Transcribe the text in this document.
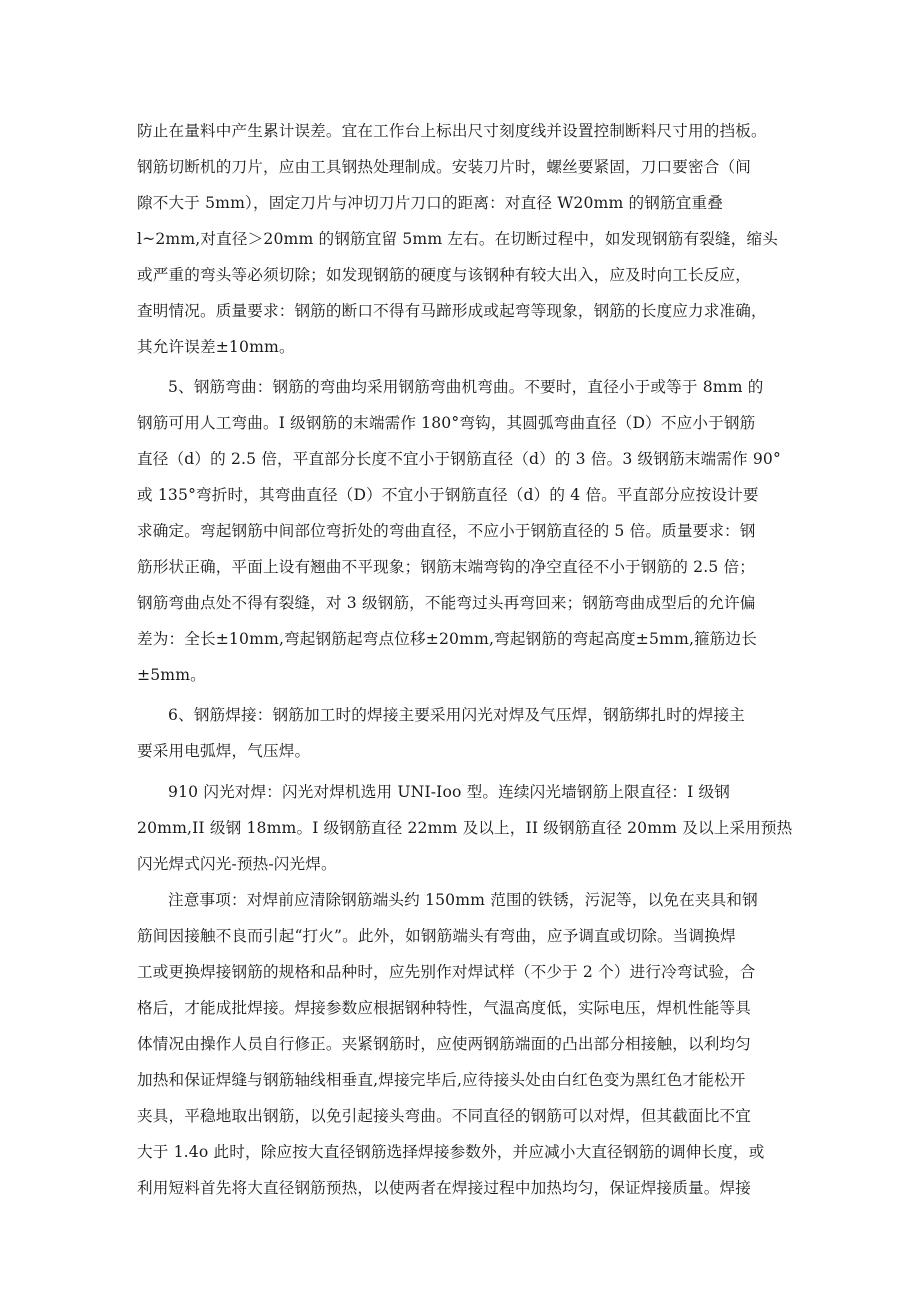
防止在量料中产生累计误差。宜在工作台上标出尺寸刻度线并设置控制断料尺寸用的挡板。

钢筋切断机的刀片，应由工具钢热处理制成。安装刀片时，螺丝要紧固，刀口要密合（间

隙不大于 5mm），固定刀片与冲切刀片刀口的距离：对直径 W20mm 的钢筋宜重叠

l~2mm,对直径＞20mm 的钢筋宜留 5mm 左右。在切断过程中，如发现钢筋有裂缝，缩头

或严重的弯头等必须切除；如发现钢筋的硬度与该钢种有较大出入，应及时向工长反应，

查明情况。质量要求：钢筋的断口不得有马蹄形成或起弯等现象，钢筋的长度应力求准确，

其允许误差±10mm。

5、钢筋弯曲：钢筋的弯曲均采用钢筋弯曲机弯曲。不要时，直径小于或等于 8mm 的

钢筋可用人工弯曲。I 级钢筋的末端需作 180°弯钩，其圆弧弯曲直径（D）不应小于钢筋

直径（d）的 2.5 倍，平直部分长度不宜小于钢筋直径（d）的 3 倍。3 级钢筋末端需作 90°

或 135°弯折时，其弯曲直径（D）不宜小于钢筋直径（d）的 4 倍。平直部分应按设计要

求确定。弯起钢筋中间部位弯折处的弯曲直径，不应小于钢筋直径的 5 倍。质量要求：钢

筋形状正确，平面上设有翘曲不平现象；钢筋末端弯钩的净空直径不小于钢筋的 2.5 倍；

钢筋弯曲点处不得有裂缝，对 3 级钢筋，不能弯过头再弯回来；钢筋弯曲成型后的允许偏

差为：全长±10mm,弯起钢筋起弯点位移±20mm,弯起钢筋的弯起高度±5mm,箍筋边长

±5mm。

6、钢筋焊接：钢筋加工时的焊接主要采用闪光对焊及气压焊，钢筋绑扎时的焊接主

要采用电弧焊，气压焊。

910 闪光对焊：闪光对焊机选用 UNI-Ioo 型。连续闪光墙钢筋上限直径：I 级钢

20mm,II 级钢 18mm。I 级钢筋直径 22mm 及以上，II 级钢筋直径 20mm 及以上采用预热

闪光焊式闪光-预热-闪光焊。

注意事项：对焊前应清除钢筋端头约 150mm 范围的铁锈，污泥等，以免在夹具和钢

筋间因接触不良而引起“打火”。此外，如钢筋端头有弯曲，应予调直或切除。当调换焊

工或更换焊接钢筋的规格和品种时，应先别作对焊试样（不少于 2 个）进行冷弯试验，合

格后，才能成批焊接。焊接参数应根据钢种特性，气温高度低，实际电压，焊机性能等具

体情况由操作人员自行修正。夹紧钢筋时，应使两钢筋端面的凸出部分相接触，以利均匀

加热和保证焊缝与钢筋轴线相垂直,焊接完毕后,应待接头处由白红色变为黑红色才能松开

夹具，平稳地取出钢筋，以免引起接头弯曲。不同直径的钢筋可以对焊，但其截面比不宜

大于 1.4o 此时，除应按大直径钢筋选择焊接参数外，并应减小大直径钢筋的调伸长度，或

利用短料首先将大直径钢筋预热，以使两者在焊接过程中加热均匀，保证焊接质量。焊接
